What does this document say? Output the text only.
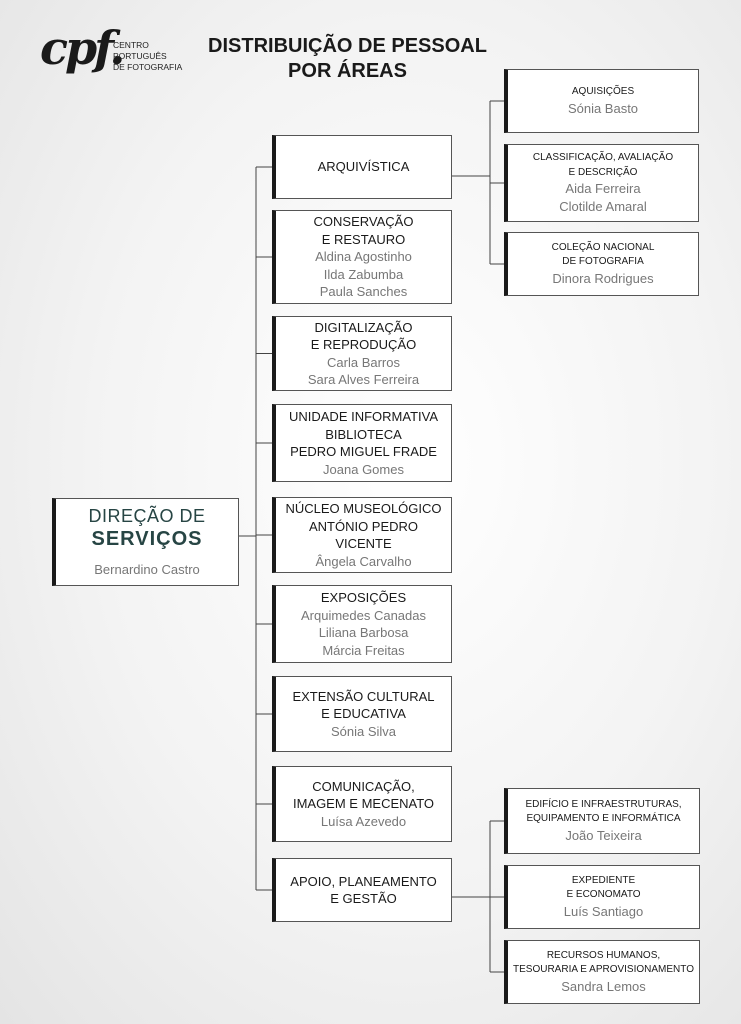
cpf.
CENTRO
PORTUGUÊS
DE FOTOGRAFIA
DISTRIBUIÇÃO DE PESSOAL
POR ÁREAS
DIREÇÃO DE
SERVIÇOS
Bernardino Castro
ARQUIVÍSTICA
CONSERVAÇÃO
E RESTAURO
Aldina Agostinho
Ilda Zabumba
Paula Sanches
DIGITALIZAÇÃO
E REPRODUÇÃO
Carla Barros
Sara Alves Ferreira
UNIDADE INFORMATIVA
BIBLIOTECA
PEDRO MIGUEL FRADE
Joana Gomes
NÚCLEO MUSEOLÓGICO
ANTÓNIO PEDRO VICENTE
Ângela Carvalho
EXPOSIÇÕES
Arquimedes Canadas
Liliana Barbosa
Márcia Freitas
EXTENSÃO CULTURAL
E EDUCATIVA
Sónia Silva
COMUNICAÇÃO,
IMAGEM E MECENATO
Luísa Azevedo
APOIO, PLANEAMENTO
E GESTÃO
AQUISIÇÕES
Sónia Basto
CLASSIFICAÇÃO, AVALIAÇÃO
E DESCRIÇÃO
Aida Ferreira
Clotilde Amaral
COLEÇÃO NACIONAL
DE FOTOGRAFIA
Dinora Rodrigues
EDIFÍCIO E INFRAESTRUTURAS,
EQUIPAMENTO E INFORMÁTICA
João Teixeira
EXPEDIENTE
E ECONOMATO
Luís Santiago
RECURSOS HUMANOS,
TESOURARIA E APROVISIONAMENTO
Sandra Lemos
